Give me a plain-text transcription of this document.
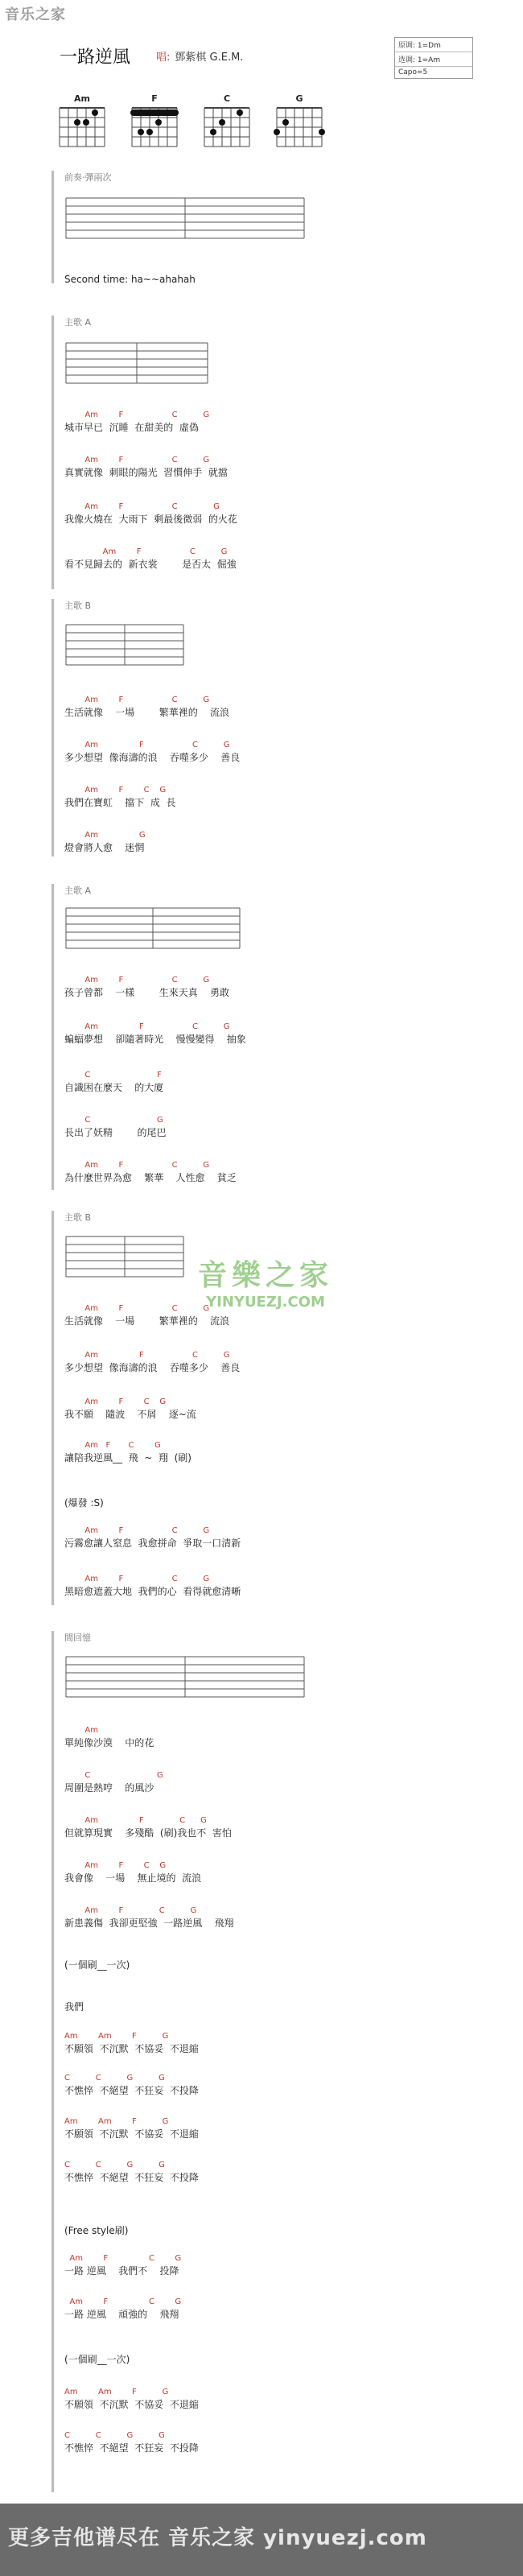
音乐之家
一路逆風 唱: 鄧紫棋 G.E.M.
原调: 1=Dm
选调: 1=Am
Capo=5
Am	F	C	G
前奏·彈兩次
Second time: ha~~ahahah
主歌 A
Am        F                   C          G
城市早已  沉睡  在甜美的  虛偽
Am        F                   C          G
真實就像  刺眼的陽光  習慣伸手  就擋
Am        F                   C              G
我像火燒在  大雨下  剩最後微弱  的火花
Am        F                   C          G
看不見歸去的  新衣裳        是否太  倔強
主歌 B
Am        F                   C          G
生活就像    一場        繁華裡的    流浪
Am                F                   C          G
多少想望  像海濤的浪    吞噬多少    善良
Am        F        C    G
我們在寶虹    擋下  成  長
Am                G
燈會將人愈    迷惘
主歌 A
Am        F                   C          G
孩子曾都    一樣        生來天真    勇敢
Am                F                   C          G
蝙蝠夢想    卻隨著時光    慢慢變得    抽象
C                          F
自識困在麼天    的大廈
C                          G
長出了妖精        的尾巴
Am        F                   C          G
為什麼世界為愈    繁華    人性愈    貧乏
主歌 B
Am        F                   C          G
生活就像    一場        繁華裡的    流浪
Am                F                   C          G
多少想望  像海濤的浪    吞噬多少    善良
Am        F        C    G
我不願    隨波    不屑    逐~流
Am   F       C        G
讓陪我逆風__  飛  ~  翔  (刷)
(爆發 :S)
Am        F                   C          G
污霧愈讓人窒息  我愈拼命  爭取一口清新
Am        F                   C          G
黑暗愈遮蓋大地  我們的心  看得就愈清晰
間回憶
Am
單純像沙漠    中的花
C                          G
周圍是熱哼    的風沙
Am                F              C      G
但就算現實    多殘酷  (刷)我也不  害怕
Am        F        C    G
我會像    一場    無止境的  流浪
Am        F              C          G
新患義傷  我卻更堅強  一路逆風    飛翔
(一個刷__一次)
我們
Am        Am        F          G
不願領  不沉默  不協妥  不退縮
C          C          G          G
不憔悴  不絕望  不狂妄  不投降
Am        Am        F          G
不願領  不沉默  不協妥  不退縮
C          C          G          G
不憔悴  不絕望  不狂妄  不投降
(Free style刷)
Am        F                C        G
一路 逆風    我們不    投降
Am        F                C        G
一路 逆風    頑強的    飛翔
(一個刷__一次)
Am        Am        F          G
不願領  不沉默  不協妥  不退縮
C          C          G          G
不憔悴  不絕望  不狂妄  不投降
音樂之家
YINYUEZJ.COM
更多吉他谱尽在 音乐之家 yinyuezj.com
